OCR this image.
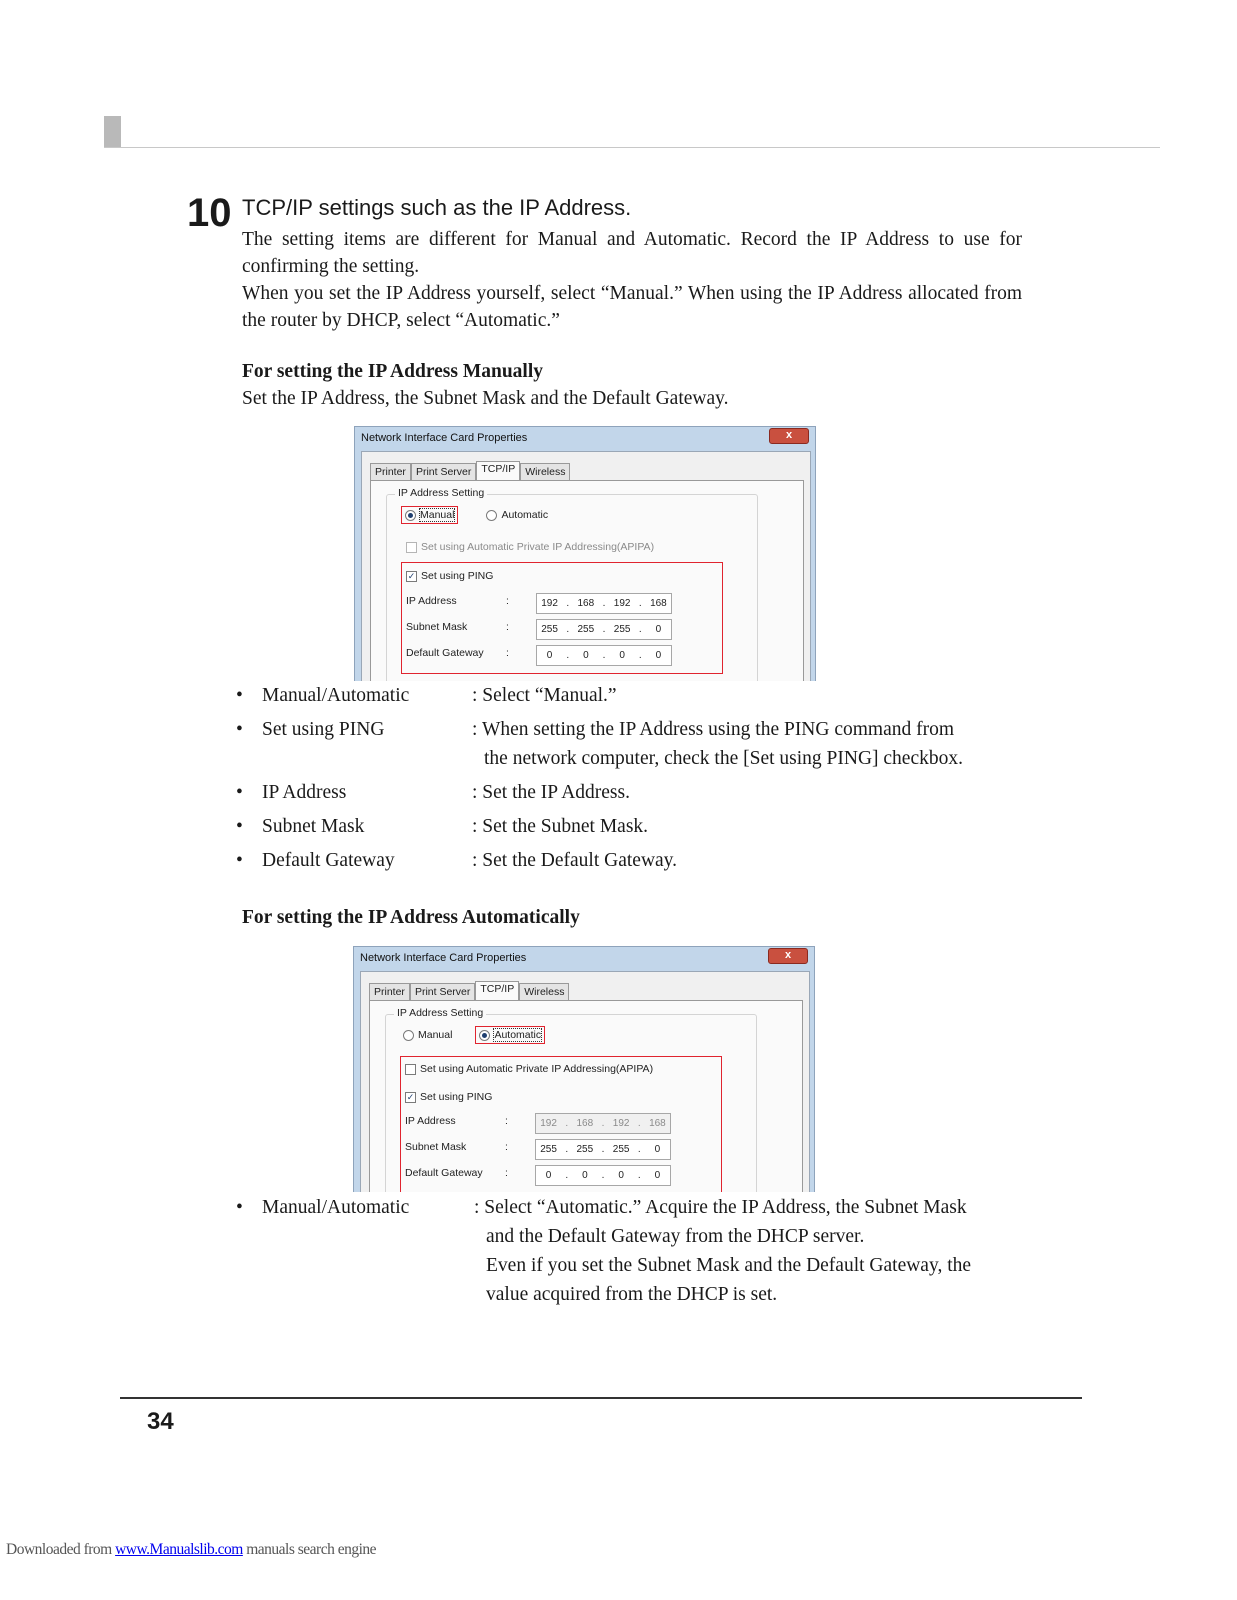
10 TCP/IP settings such as the IP Address.
The setting items are different for Manual and Automatic. Record the IP Address to use for confirming the setting.
When you set the IP Address yourself, select “Manual.” When using the IP Address allocated from the router by DHCP, select “Automatic.”
For setting the IP Address Manually
Set the IP Address, the Subnet Mask and the Default Gateway.
Network Interface Card Properties	x
Printer Print Server TCP/IP Wireless
IP Address Setting
Manual	Automatic
Set using Automatic Private IP Addressing(APIPA)
✓ Set using PING
IP Address	:	192 . 168 . 192 . 168
Subnet Mask	:	255 . 255 . 255 .	0
Default Gateway :	0	.	0	.	0	.	0
• Manual/Automatic	: Select “Manual.”
• Set using PING	: When setting the IP Address using the PING command from
the network computer, check the [Set using PING] checkbox.
• IP Address	: Set the IP Address.
• Subnet Mask	: Set the Subnet Mask.
• Default Gateway	: Set the Default Gateway.
For setting the IP Address Automatically
Network Interface Card Properties	x
Printer Print Server TCP/IP Wireless
IP Address Setting
Manual	Automatic
Set using Automatic Private IP Addressing(APIPA)
✓ Set using PING
IP Address	:	192 . 168 . 192 . 168
Subnet Mask	:	255 . 255 . 255 .	0
Default Gateway :	0	.	0	.	0	.	0
• Manual/Automatic	: Select “Automatic.” Acquire the IP Address, the Subnet Mask
and the Default Gateway from the DHCP server.
Even if you set the Subnet Mask and the Default Gateway, the
value acquired from the DHCP is set.
34
Downloaded from www.Manualslib.com manuals search engine
